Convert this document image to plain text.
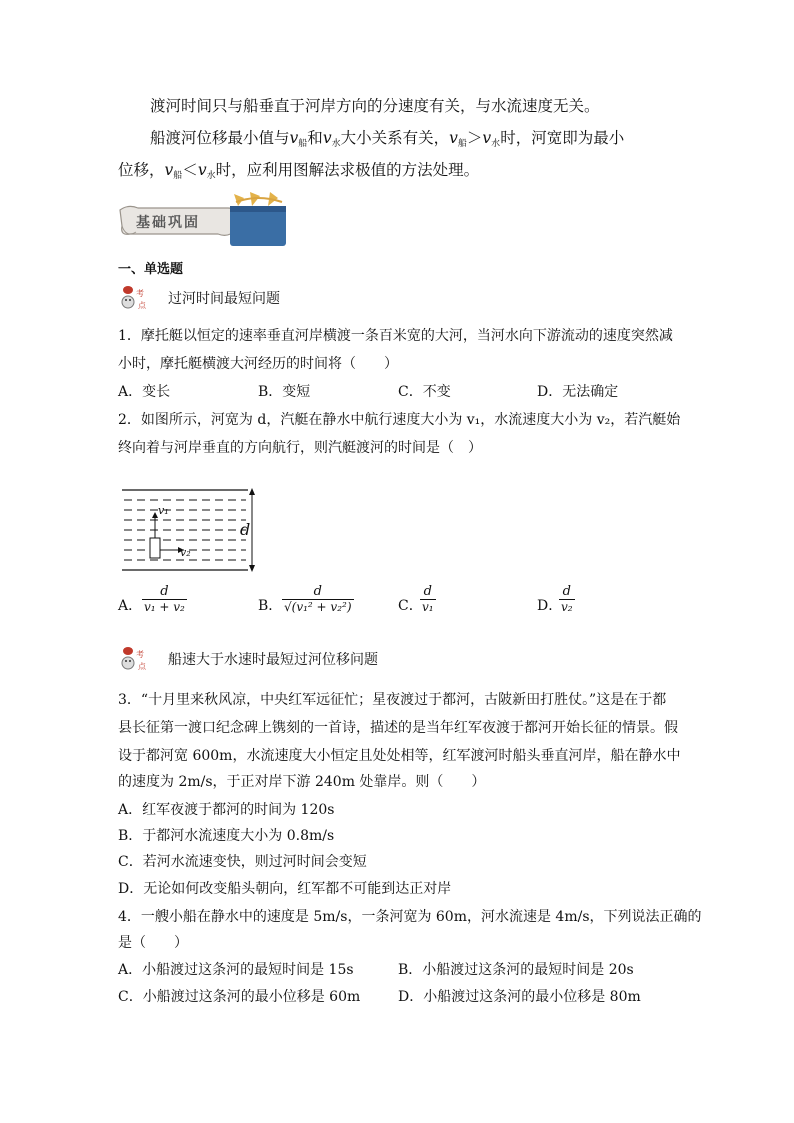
渡河时间只与船垂直于河岸方向的分速度有关，与水流速度无关。
船渡河位移最小值与v船和v水大小关系有关，v船＞v水时，河宽即为最小
位移，v船＜v水时，应利用图解法求极值的方法处理。
基础巩固
一、单选题
考
点 过河时间最短问题
1．摩托艇以恒定的速率垂直河岸横渡一条百米宽的大河，当河水向下游流动的速度突然减
小时，摩托艇横渡大河经历的时间将（　　）
A．变长	B．变短	C．不变	D．无法确定
2．如图所示，河宽为 d，汽艇在静水中航行速度大小为 v₁，水流速度大小为 v₂，若汽艇始
终向着与河岸垂直的方向航行，则汽艇渡河的时间是（　）
d
v₁
v₂
A． $\frac{d}{\text{v₁ + v₂}}$	B． $\frac{d}{\text{√(v₁² + v₂²)}}$	C．
$\frac{d}{\text{v₁}}$	D．
$\frac{d}{\text{v₂}}$
考
点 船速大于水速时最短过河位移问题
3．“十月里来秋风凉，中央红军远征忙；星夜渡过于都河，古陂新田打胜仗。”这是在于都
县长征第一渡口纪念碑上镌刻的一首诗，描述的是当年红军夜渡于都河开始长征的情景。假
设于都河宽 600m，水流速度大小恒定且处处相等，红军渡河时船头垂直河岸，船在静水中
的速度为 2m/s，于正对岸下游 240m 处靠岸。则（　　）
A．红军夜渡于都河的时间为 120s
B．于都河水流速度大小为 0.8m/s
C．若河水流速变快，则过河时间会变短
D．无论如何改变船头朝向，红军都不可能到达正对岸
4．一艘小船在静水中的速度是 5m/s，一条河宽为 60m，河水流速是 4m/s，下列说法正确的
是（　　）
A．小船渡过这条河的最短时间是 15s	B．小船渡过这条河的最短时间是 20s
C．小船渡过这条河的最小位移是 60m	D．小船渡过这条河的最小位移是 80m
